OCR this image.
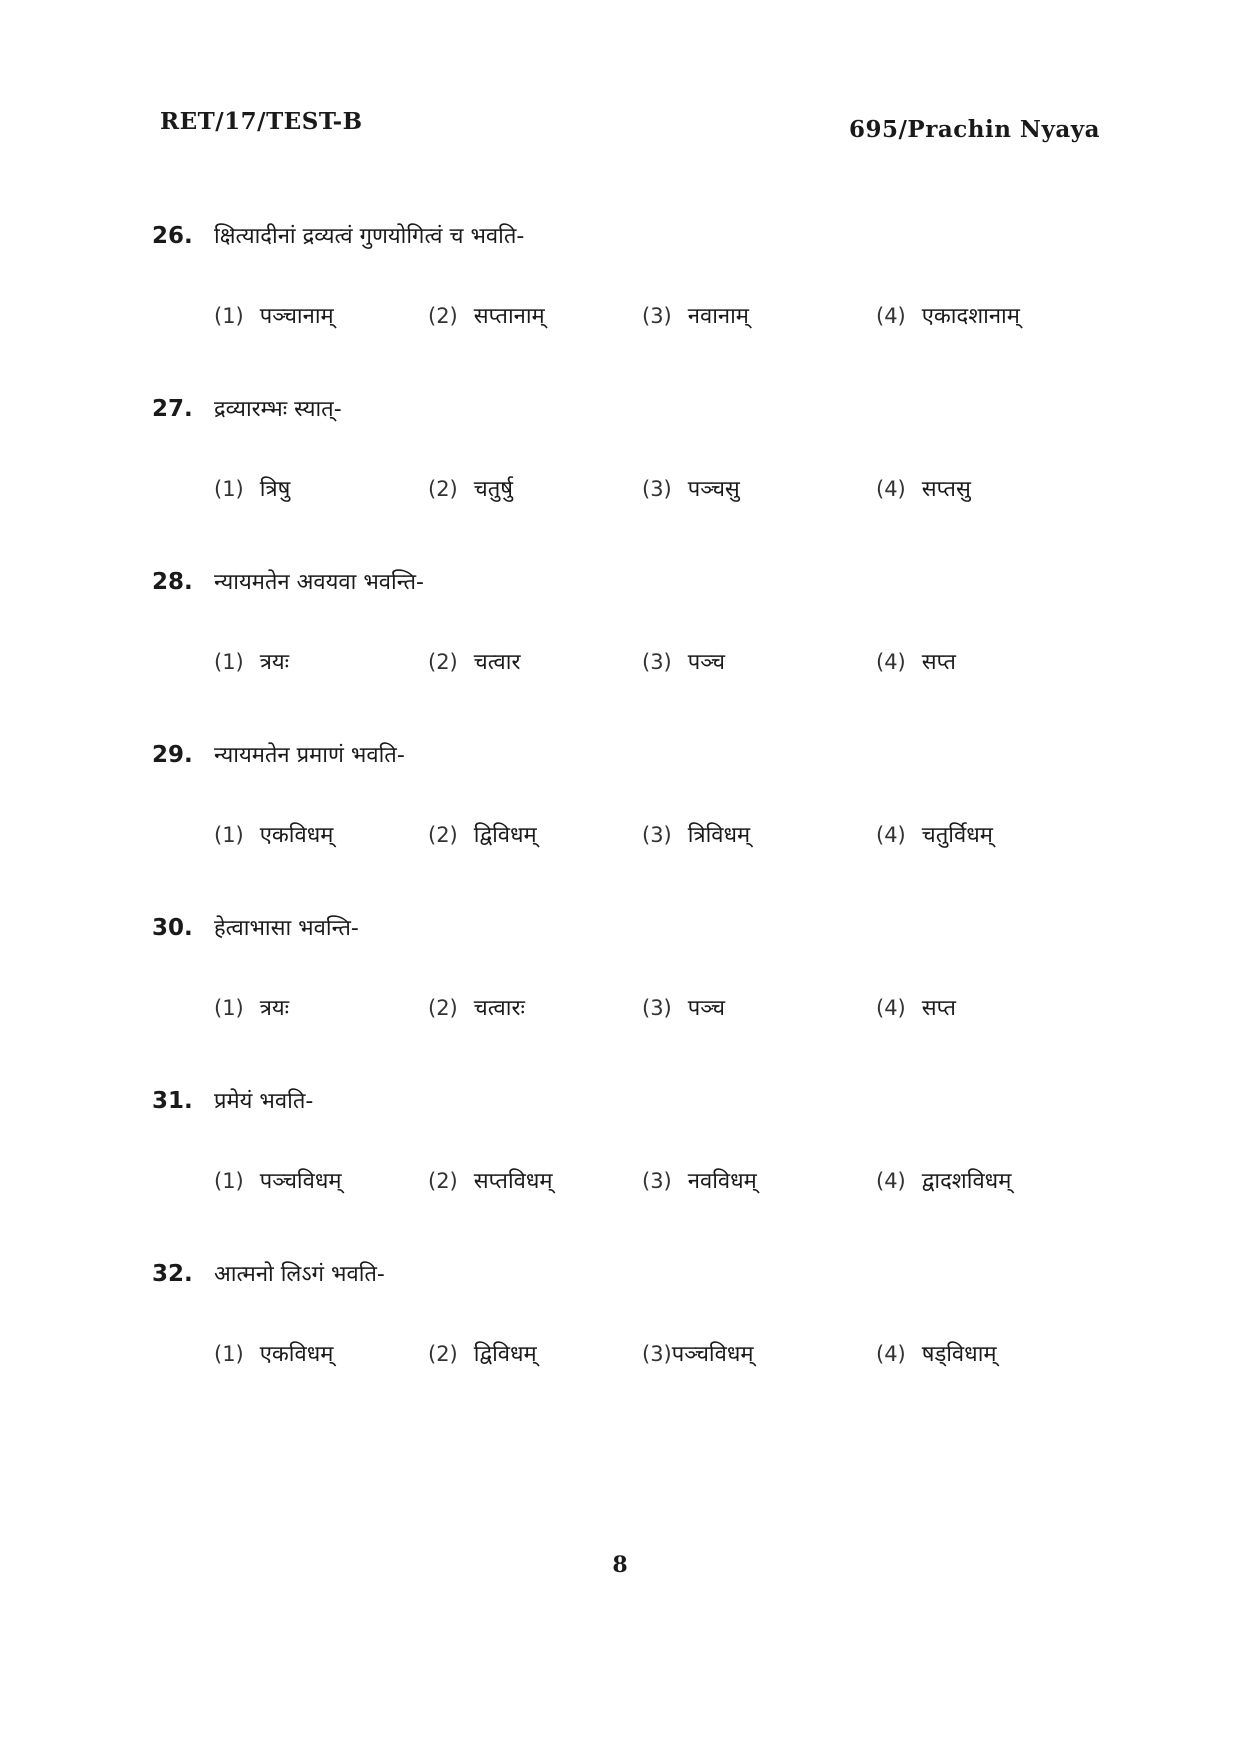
RET/17/TEST-B	695/Prachin Nyaya
26. क्षित्यादीनां द्रव्यत्वं गुणयोगित्वं च भवति-
(1) पञ्चानाम्	(2) सप्तानाम्	(3) नवानाम्	(4) एकादशानाम्
27. द्रव्यारम्भः स्यात्-
(1) त्रिषु	(2) चतुर्षु	(3) पञ्चसु	(4) सप्तसु
28. न्यायमतेन अवयवा भवन्ति-
(1) त्रयः	(2) चत्वार	(3) पञ्च	(4) सप्त
29. न्यायमतेन प्रमाणं भवति-
(1) एकविधम्	(2) द्विविधम्	(3) त्रिविधम्	(4) चतुर्विधम्
30. हेत्वाभासा भवन्ति-
(1) त्रयः	(2) चत्वारः	(3) पञ्च	(4) सप्त
31. प्रमेयं भवति-
(1) पञ्चविधम्	(2) सप्तविधम्	(3) नवविधम्	(4) द्वादशविधम्
32. आत्मनो लिऽगं भवति-
(1) एकविधम्	(2) द्विविधम्	(3) पञ्चविधम्	(4) षड्विधाम्
8
